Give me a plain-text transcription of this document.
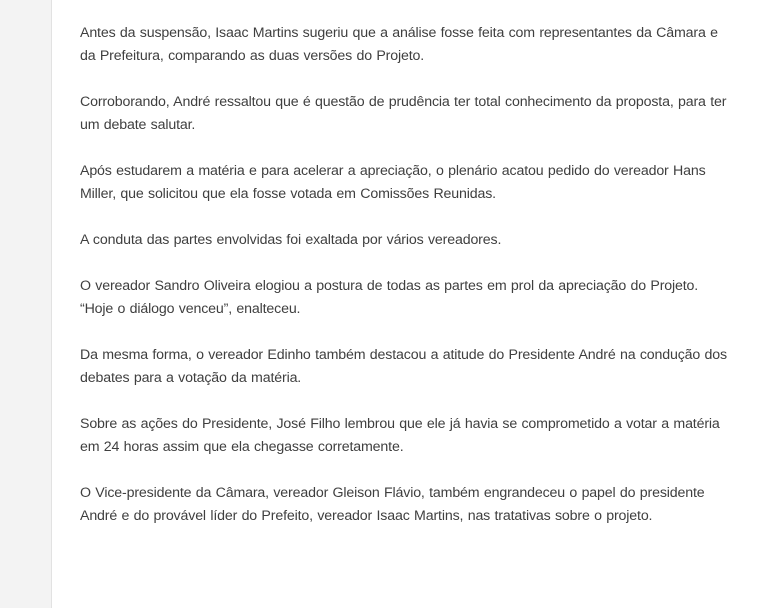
Antes da suspensão, Isaac Martins sugeriu que a análise fosse feita com representantes da Câmara e da Prefeitura, comparando as duas versões do Projeto.

Corroborando, André ressaltou que é questão de prudência ter total conhecimento da proposta, para ter um debate salutar.

Após estudarem a matéria e para acelerar a apreciação, o plenário acatou pedido do vereador Hans Miller, que solicitou que ela fosse votada em Comissões Reunidas.

A conduta das partes envolvidas foi exaltada por vários vereadores.

O vereador Sandro Oliveira elogiou a postura de todas as partes em prol da apreciação do Projeto. “Hoje o diálogo venceu”, enalteceu.

Da mesma forma, o vereador Edinho também destacou a atitude do Presidente André na condução dos debates para a votação da matéria.

Sobre as ações do Presidente, José Filho lembrou que ele já havia se comprometido a votar a matéria em 24 horas assim que ela chegasse corretamente.

O Vice-presidente da Câmara, vereador Gleison Flávio, também engrandeceu o papel do presidente André e do provável líder do Prefeito, vereador Isaac Martins, nas tratativas sobre o projeto.
